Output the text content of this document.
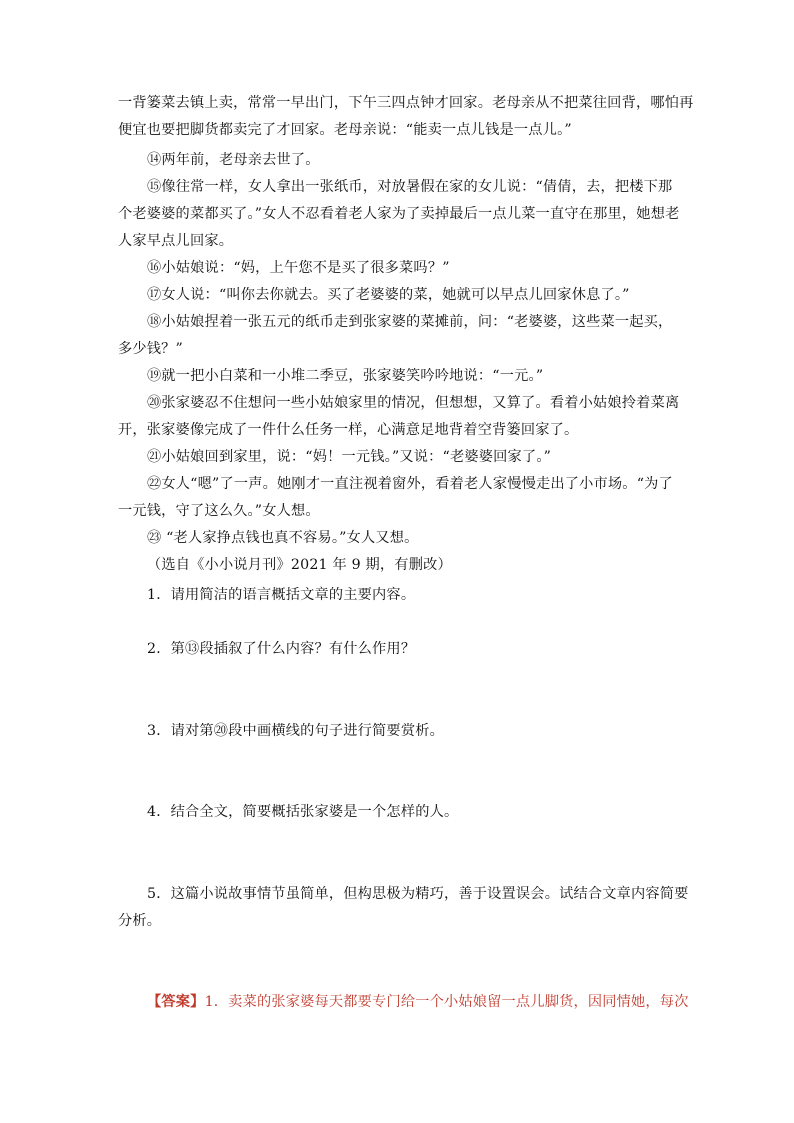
一背篓菜去镇上卖，常常一早出门，下午三四点钟才回家。老母亲从不把菜往回背，哪怕再
便宜也要把脚货都卖完了才回家。老母亲说：“能卖一点儿钱是一点儿。”
⑭两年前，老母亲去世了。
⑮像往常一样，女人拿出一张纸币，对放暑假在家的女儿说：“倩倩，去，把楼下那
个老婆婆的菜都买了。”女人不忍看着老人家为了卖掉最后一点儿菜一直守在那里，她想老
人家早点儿回家。
⑯小姑娘说：“妈，上午您不是买了很多菜吗？”
⑰女人说：“叫你去你就去。买了老婆婆的菜，她就可以早点儿回家休息了。”
⑱小姑娘捏着一张五元的纸币走到张家婆的菜摊前，问：“老婆婆，这些菜一起买，
多少钱？”
⑲就一把小白菜和一小堆二季豆，张家婆笑吟吟地说：“一元。”
⑳张家婆忍不住想问一些小姑娘家里的情况，但想想，又算了。看着小姑娘拎着菜离
开，张家婆像完成了一件什么任务一样，心满意足地背着空背篓回家了。
㉑小姑娘回到家里，说：“妈！一元钱。”又说：“老婆婆回家了。”
㉒女人“嗯”了一声。她刚才一直注视着窗外，看着老人家慢慢走出了小市场。“为了
一元钱，守了这么久。”女人想。
㉓ “老人家挣点钱也真不容易。”女人又想。
（选自《小小说月刊》2021 年 9 期，有删改）
1．请用简洁的语言概括文章的主要内容。
2．第⑬段插叙了什么内容？有什么作用？
3．请对第⑳段中画横线的句子进行简要赏析。
4．结合全文，简要概括张家婆是一个怎样的人。
5．这篇小说故事情节虽简单，但构思极为精巧，善于设置误会。试结合文章内容简要
分析。
【答案】1．卖菜的张家婆每天都要专门给一个小姑娘留一点儿脚货，因同情她，每次
